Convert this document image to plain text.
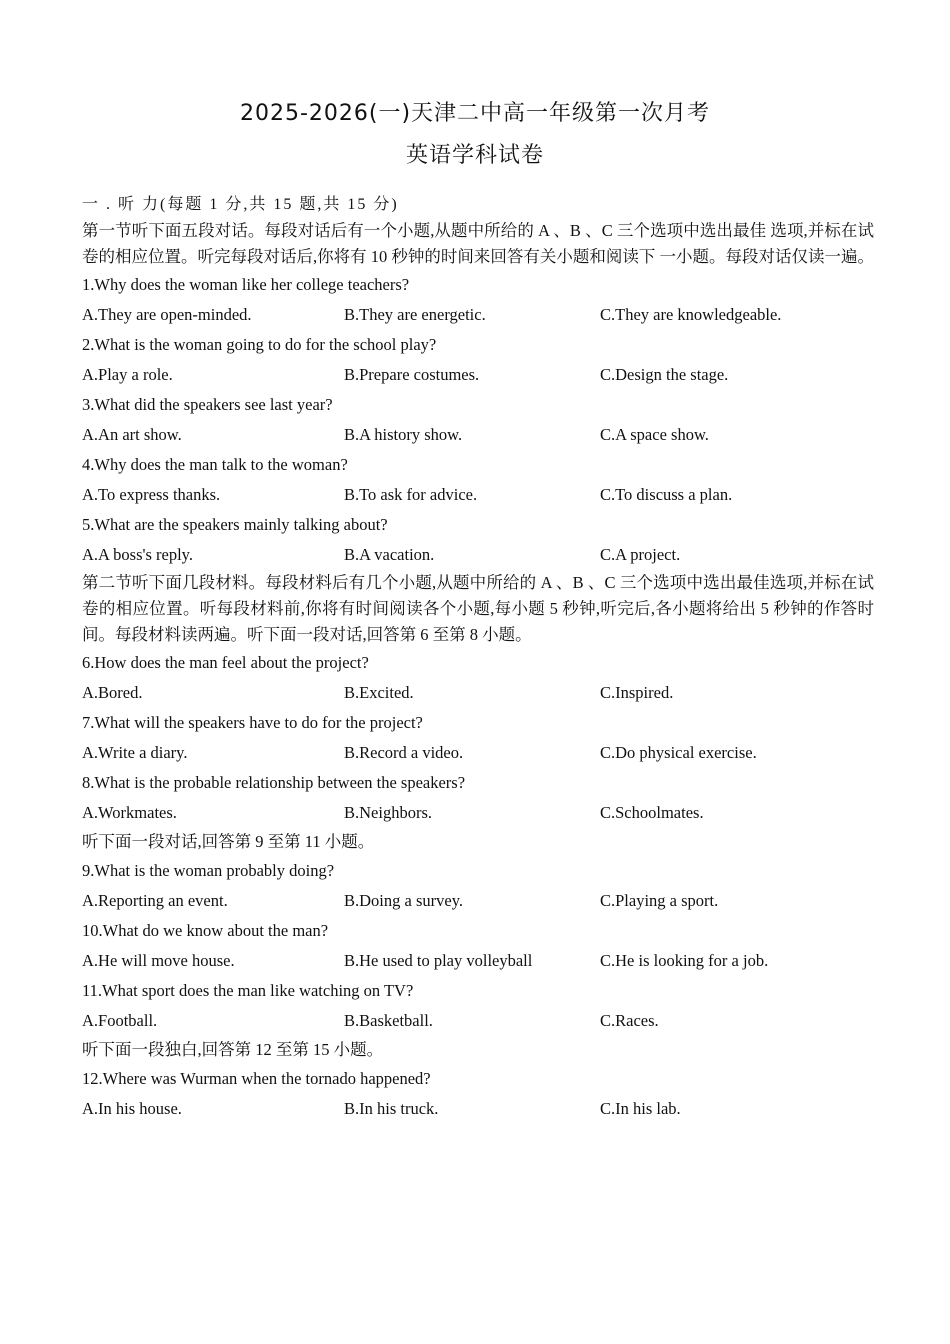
2025-2026(一)天津二中高一年级第一次月考
英语学科试卷
一 . 听 力(每题 1 分,共 15 题,共 15 分)

第一节听下面五段对话。每段对话后有一个小题,从题中所给的 A 、B 、C 三个选项中选出最佳 选项,并标在试卷的相应位置。听完每段对话后,你将有 10 秒钟的时间来回答有关小题和阅读下 一小题。每段对话仅读一遍。

1.Why does the woman like her college teachers?
A.They are open-minded.	B.They are energetic.	C.They are knowledgeable.
2.What is the woman going to do for the school play?
A.Play a role.	B.Prepare costumes.	C.Design the stage.
3.What did the speakers see last year?
A.An art show.	B.A history show.	C.A space show.
4.Why does the man talk to the woman?
A.To express thanks.	B.To ask for advice.	C.To discuss a plan.
5.What are the speakers mainly talking about?
A.A boss's reply.	B.A vacation.	C.A project.

第二节听下面几段材料。每段材料后有几个小题,从题中所给的 A 、B 、C 三个选项中选出最佳选项,并标在试卷的相应位置。听每段材料前,你将有时间阅读各个小题,每小题 5 秒钟,听完后,各小题将给出 5 秒钟的作答时间。每段材料读两遍。听下面一段对话,回答第 6 至第 8 小题。

6.How does the man feel about the project?
A.Bored.	B.Excited.	C.Inspired.
7.What will the speakers have to do for the project?
A.Write a diary.	B.Record a video.	C.Do physical exercise.
8.What is the probable relationship between the speakers?
A.Workmates.	B.Neighbors.	C.Schoolmates.
听下面一段对话,回答第 9 至第 11 小题。
9.What is the woman probably doing?
A.Reporting an event.	B.Doing a survey.	C.Playing a sport.
10.What do we know about the man?
A.He will move house.	B.He used to play volleyball	C.He is looking for a job.
11.What sport does the man like watching on TV?
A.Football.	B.Basketball.	C.Races.
听下面一段独白,回答第 12 至第 15 小题。
12.Where was Wurman when the tornado happened?
A.In his house.	B.In his truck.	C.In his lab.
